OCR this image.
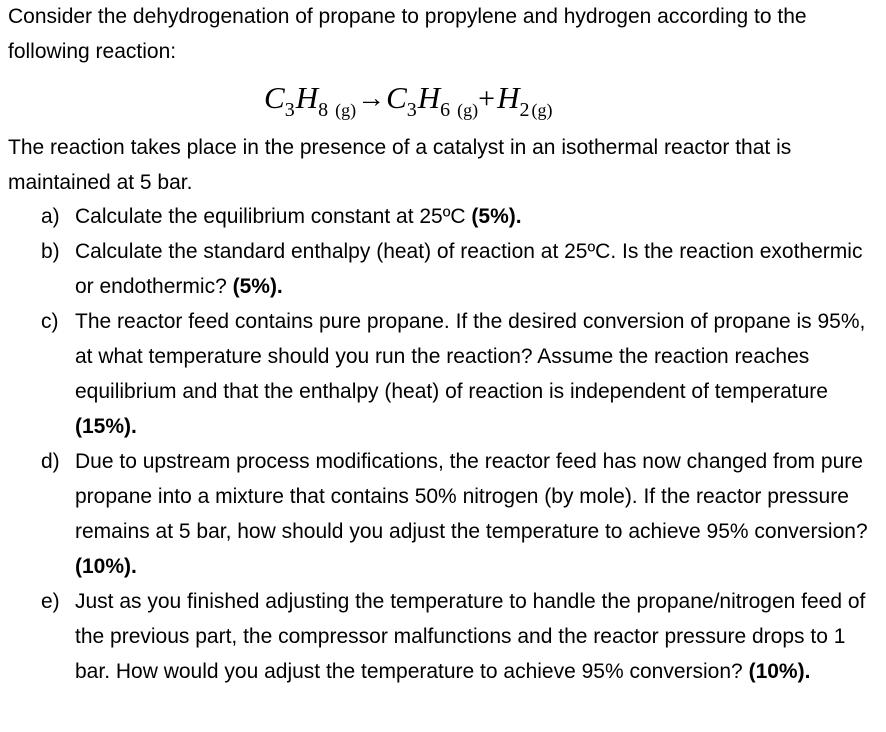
Consider the dehydrogenation of propane to propylene and hydrogen according to the following reaction:

$C_3H_8$ $_{(g)}\to C_3H_6$ $_{(g)}+H_{2(g)}$

The reaction takes place in the presence of a catalyst in an isothermal reactor that is maintained at 5 bar.

a) Calculate the equilibrium constant at 25ºC (5%).
b) Calculate the standard enthalpy (heat) of reaction at 25ºC. Is the reaction exothermic or endothermic? (5%).
c) The reactor feed contains pure propane. If the desired conversion of propane is 95%, at what temperature should you run the reaction? Assume the reaction reaches equilibrium and that the enthalpy (heat) of reaction is independent of temperature (15%).
d) Due to upstream process modifications, the reactor feed has now changed from pure propane into a mixture that contains 50% nitrogen (by mole). If the reactor pressure remains at 5 bar, how should you adjust the temperature to achieve 95% conversion? (10%).
e) Just as you finished adjusting the temperature to handle the propane/nitrogen feed of the previous part, the compressor malfunctions and the reactor pressure drops to 1 bar. How would you adjust the temperature to achieve 95% conversion? (10%).
